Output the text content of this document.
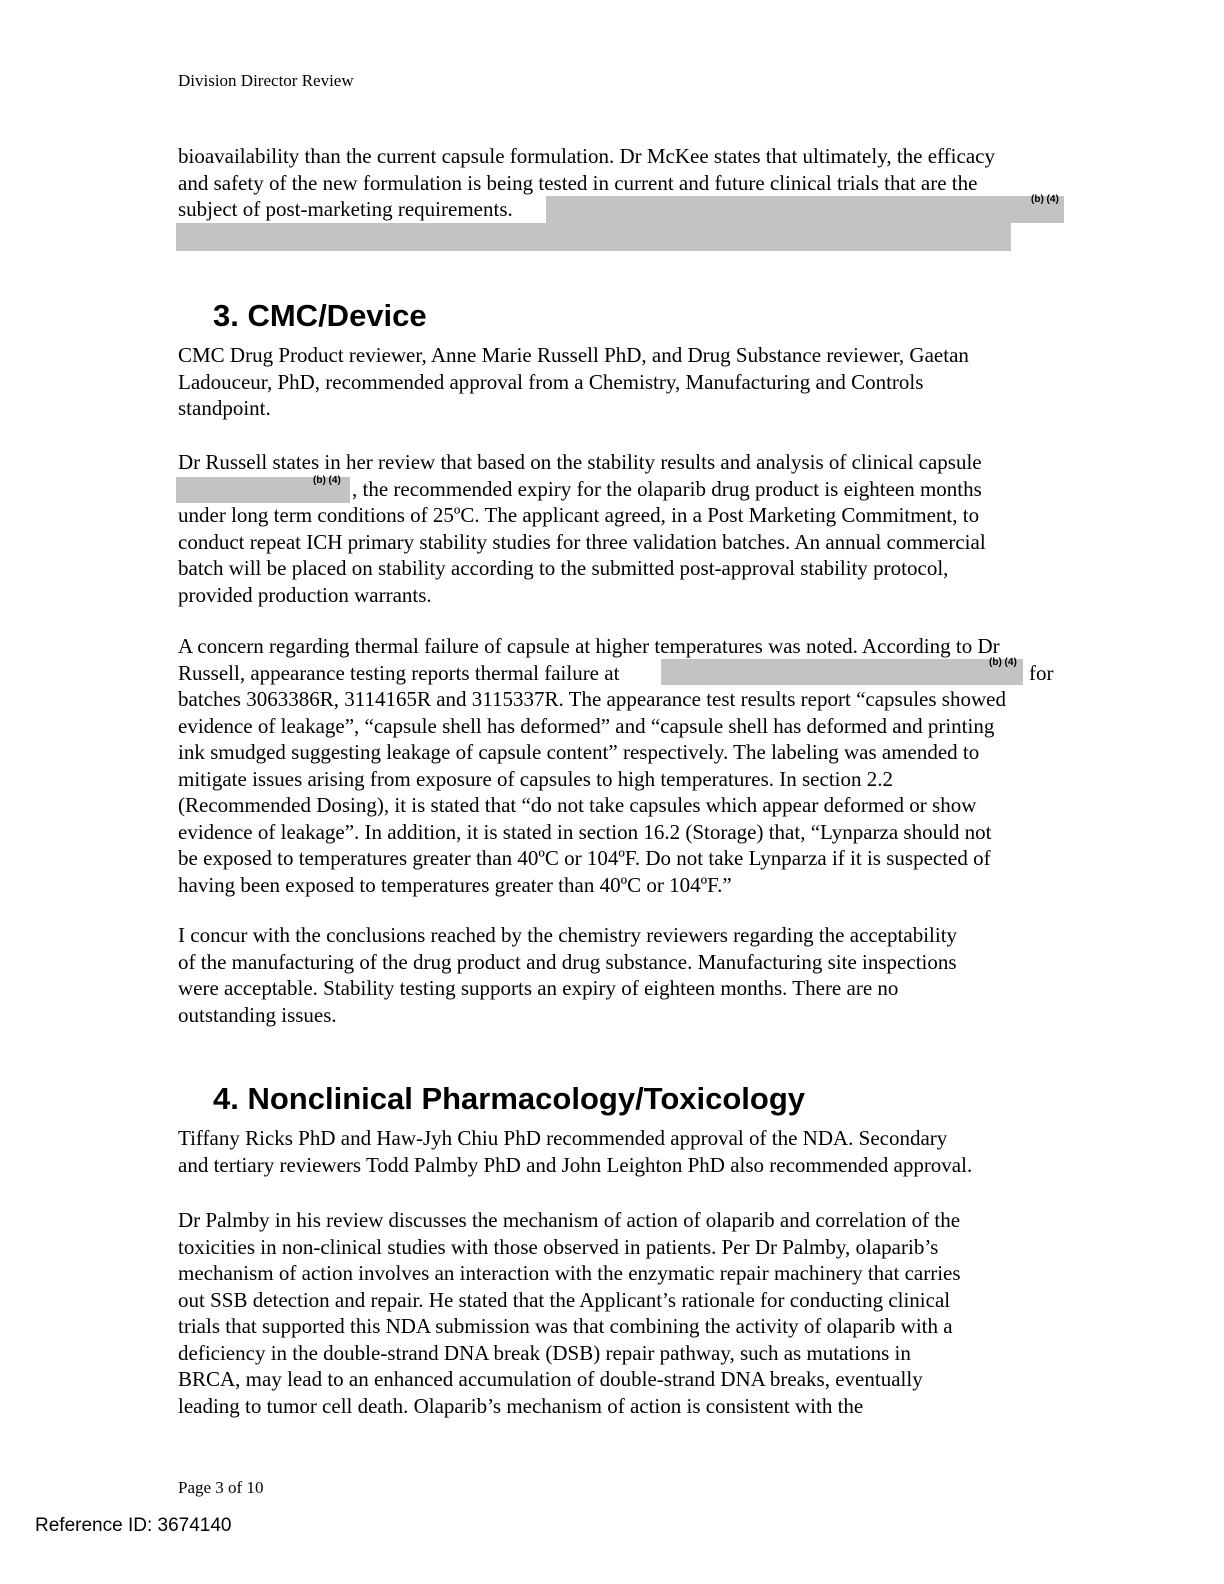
Division Director Review
bioavailability than the current capsule formulation. Dr McKee states that ultimately, the efficacy
and safety of the new formulation is being tested in current and future clinical trials that are the
subject of post-marketing requirements.	(b) (4)
3. CMC/Device
CMC Drug Product reviewer, Anne Marie Russell PhD, and Drug Substance reviewer, Gaetan
Ladouceur, PhD, recommended approval from a Chemistry, Manufacturing and Controls
standpoint.
Dr Russell states in her review that based on the stability results and analysis of clinical capsule
, the recommended expiry for the olaparib drug product is eighteen months
under long term conditions of 25ºC. The applicant agreed, in a Post Marketing Commitment, to
conduct repeat ICH primary stability studies for three validation batches. An annual commercial
batch will be placed on stability according to the submitted post-approval stability protocol,
provided production warrants.
(b) (4)
A concern regarding thermal failure of capsule at higher temperatures was noted. According to Dr
Russell, appearance testing reports thermal failure at	for
batches 3063386R, 3114165R and 3115337R. The appearance test results report “capsules showed
evidence of leakage”, “capsule shell has deformed” and “capsule shell has deformed and printing
ink smudged suggesting leakage of capsule content” respectively. The labeling was amended to
mitigate issues arising from exposure of capsules to high temperatures. In section 2.2
(Recommended Dosing), it is stated that “do not take capsules which appear deformed or show
evidence of leakage”. In addition, it is stated in section 16.2 (Storage) that, “Lynparza should not
be exposed to temperatures greater than 40ºC or 104ºF. Do not take Lynparza if it is suspected of
having been exposed to temperatures greater than 40ºC or 104ºF.”
(b) (4)
I concur with the conclusions reached by the chemistry reviewers regarding the acceptability
of the manufacturing of the drug product and drug substance. Manufacturing site inspections
were acceptable. Stability testing supports an expiry of eighteen months. There are no
outstanding issues.
4. Nonclinical Pharmacology/Toxicology
Tiffany Ricks PhD and Haw-Jyh Chiu PhD recommended approval of the NDA. Secondary
and tertiary reviewers Todd Palmby PhD and John Leighton PhD also recommended approval.
Dr Palmby in his review discusses the mechanism of action of olaparib and correlation of the
toxicities in non-clinical studies with those observed in patients. Per Dr Palmby, olaparib’s
mechanism of action involves an interaction with the enzymatic repair machinery that carries
out SSB detection and repair. He stated that the Applicant’s rationale for conducting clinical
trials that supported this NDA submission was that combining the activity of olaparib with a
deficiency in the double-strand DNA break (DSB) repair pathway, such as mutations in
BRCA, may lead to an enhanced accumulation of double-strand DNA breaks, eventually
leading to tumor cell death. Olaparib’s mechanism of action is consistent with the
Page 3 of 10
Reference ID: 3674140
